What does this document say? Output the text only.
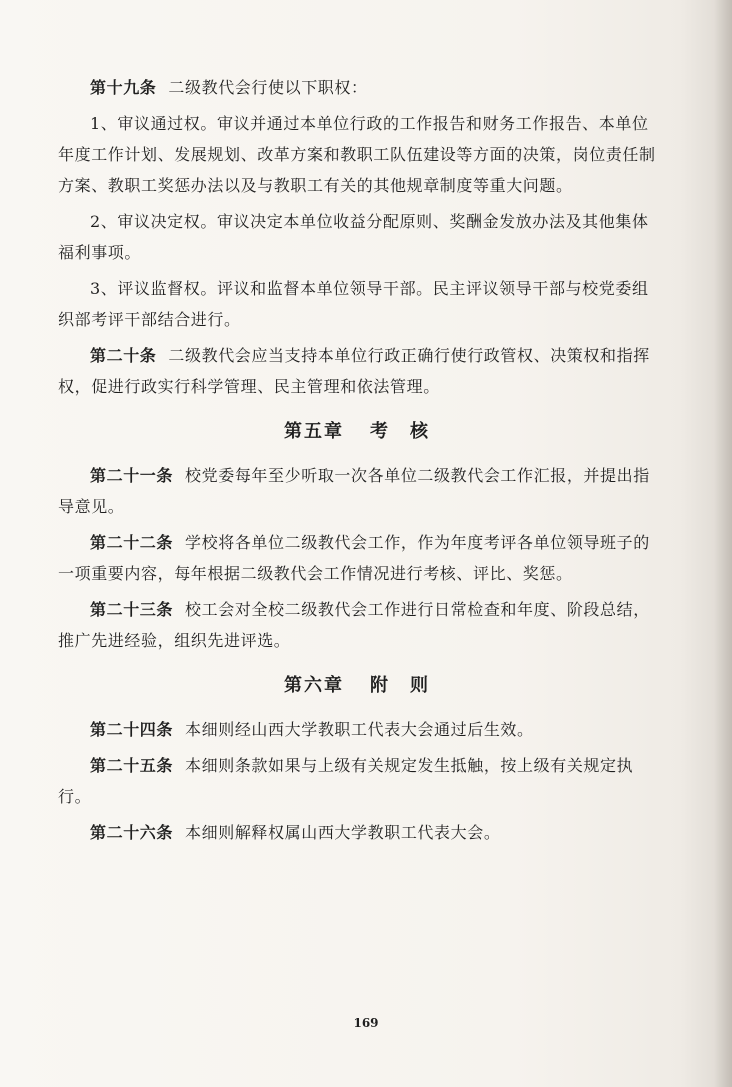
第十九条 二级教代会行使以下职权：

1、审议通过权。审议并通过本单位行政的工作报告和财务工作报告、本单位年度工作计划、发展规划、改革方案和教职工队伍建设等方面的决策，岗位责任制方案、教职工奖惩办法以及与教职工有关的其他规章制度等重大问题。

2、审议决定权。审议决定本单位收益分配原则、奖酬金发放办法及其他集体福利事项。

3、评议监督权。评议和监督本单位领导干部。民主评议领导干部与校党委组织部考评干部结合进行。

第二十条 二级教代会应当支持本单位行政正确行使行政管权、决策权和指挥权，促进行政实行科学管理、民主管理和依法管理。

第五章 考　核

第二十一条 校党委每年至少听取一次各单位二级教代会工作汇报，并提出指导意见。

第二十二条 学校将各单位二级教代会工作，作为年度考评各单位领导班子的一项重要内容，每年根据二级教代会工作情况进行考核、评比、奖惩。

第二十三条 校工会对全校二级教代会工作进行日常检查和年度、阶段总结，推广先进经验，组织先进评选。

第六章 附　则

第二十四条 本细则经山西大学教职工代表大会通过后生效。

第二十五条 本细则条款如果与上级有关规定发生抵触，按上级有关规定执行。

第二十六条 本细则解释权属山西大学教职工代表大会。

169
